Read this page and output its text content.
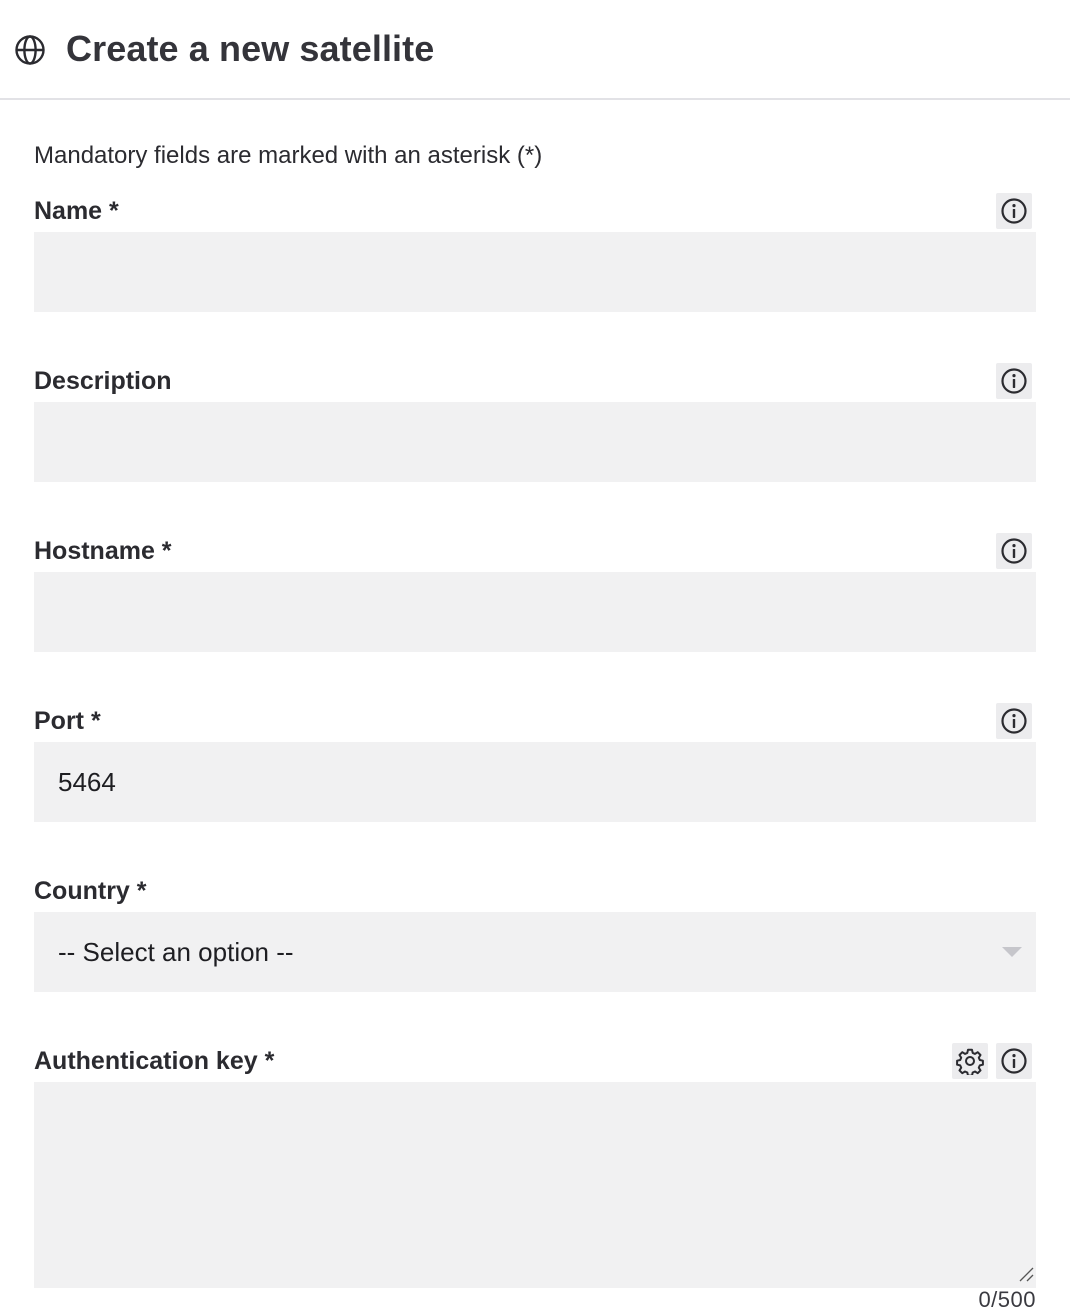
Create a new satellite
Mandatory fields are marked with an asterisk (*)
Name *
Description
Hostname *
Port *
5464
Country *
-- Select an option --
Authentication key *
0/500
